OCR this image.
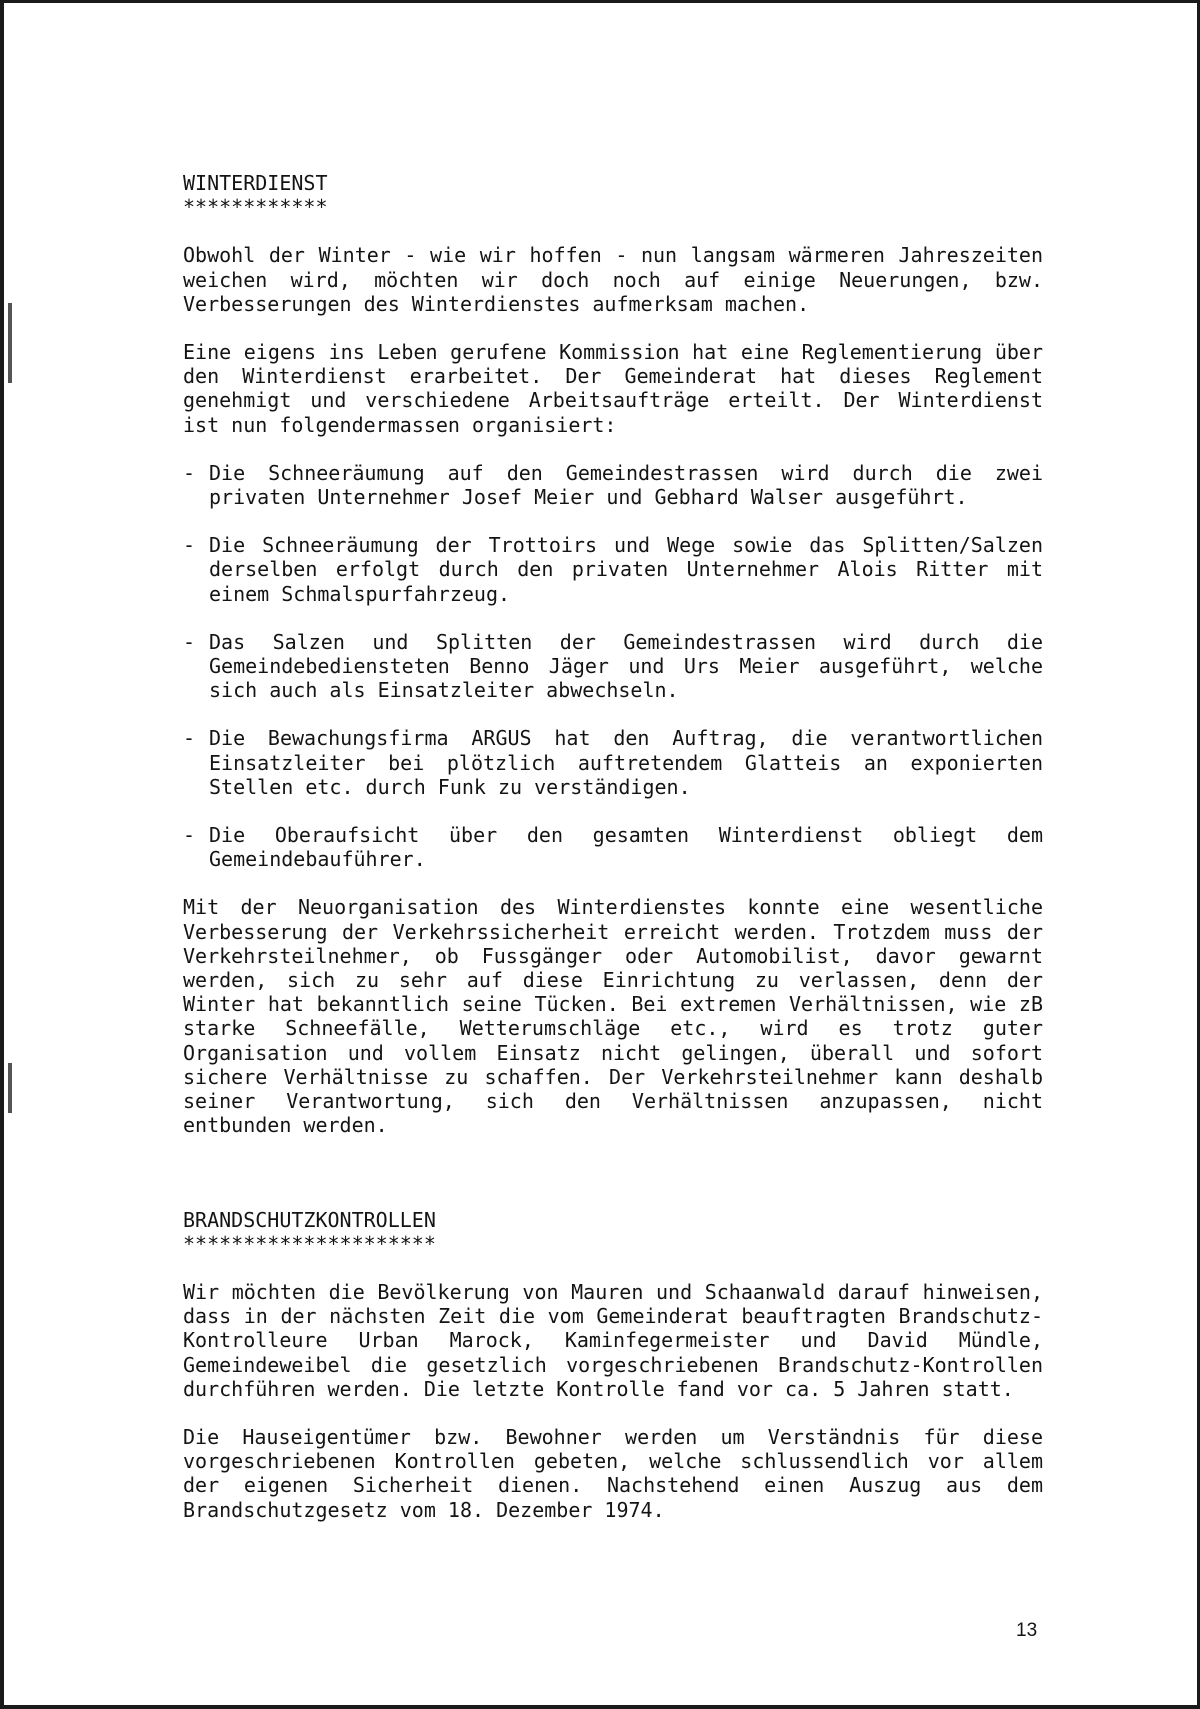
WINTERDIENST
************

Obwohl der Winter - wie wir hoffen - nun langsam wärmeren Jahreszeiten weichen wird, möchten wir doch noch auf einige Neuerungen, bzw. Verbesserungen des Winterdienstes aufmerksam machen.

Eine eigens ins Leben gerufene Kommission hat eine Reglementierung über den Winterdienst erarbeitet. Der Gemeinderat hat dieses Reglement genehmigt und verschiedene Arbeitsaufträge erteilt. Der Winterdienst ist nun folgendermassen organisiert:

- Die Schneeräumung auf den Gemeindestrassen wird durch die zwei privaten Unternehmer Josef Meier und Gebhard Walser ausgeführt.
- Die Schneeräumung der Trottoirs und Wege sowie das Splitten/Salzen derselben erfolgt durch den privaten Unternehmer Alois Ritter mit einem Schmalspurfahrzeug.
- Das Salzen und Splitten der Gemeindestrassen wird durch die Gemeindebediensteten Benno Jäger und Urs Meier ausgeführt, welche sich auch als Einsatzleiter abwechseln.
- Die Bewachungsfirma ARGUS hat den Auftrag, die verantwortlichen Einsatzleiter bei plötzlich auftretendem Glatteis an exponierten Stellen etc. durch Funk zu verständigen.
- Die Oberaufsicht über den gesamten Winterdienst obliegt dem Gemeindebauführer.

Mit der Neuorganisation des Winterdienstes konnte eine wesentliche Verbesserung der Verkehrssicherheit erreicht werden. Trotzdem muss der Verkehrsteilnehmer, ob Fussgänger oder Automobilist, davor gewarnt werden, sich zu sehr auf diese Einrichtung zu verlassen, denn der Winter hat bekanntlich seine Tücken. Bei extremen Verhältnissen, wie zB starke Schneefälle, Wetterumschläge etc., wird es trotz guter Organisation und vollem Einsatz nicht gelingen, überall und sofort sichere Verhältnisse zu schaffen. Der Verkehrsteilnehmer kann deshalb seiner Verantwortung, sich den Verhältnissen anzupassen, nicht entbunden werden.

BRANDSCHUTZKONTROLLEN
*********************

Wir möchten die Bevölkerung von Mauren und Schaanwald darauf hinweisen, dass in der nächsten Zeit die vom Gemeinderat beauftragten Brandschutz-Kontrolleure Urban Marock, Kaminfegermeister und David Mündle, Gemeindeweibel die gesetzlich vorgeschriebenen Brandschutz-Kontrollen durchführen werden. Die letzte Kontrolle fand vor ca. 5 Jahren statt.

Die Hauseigentümer bzw. Bewohner werden um Verständnis für diese vorgeschriebenen Kontrollen gebeten, welche schlussendlich vor allem der eigenen Sicherheit dienen. Nachstehend einen Auszug aus dem Brandschutzgesetz vom 18. Dezember 1974.

13
